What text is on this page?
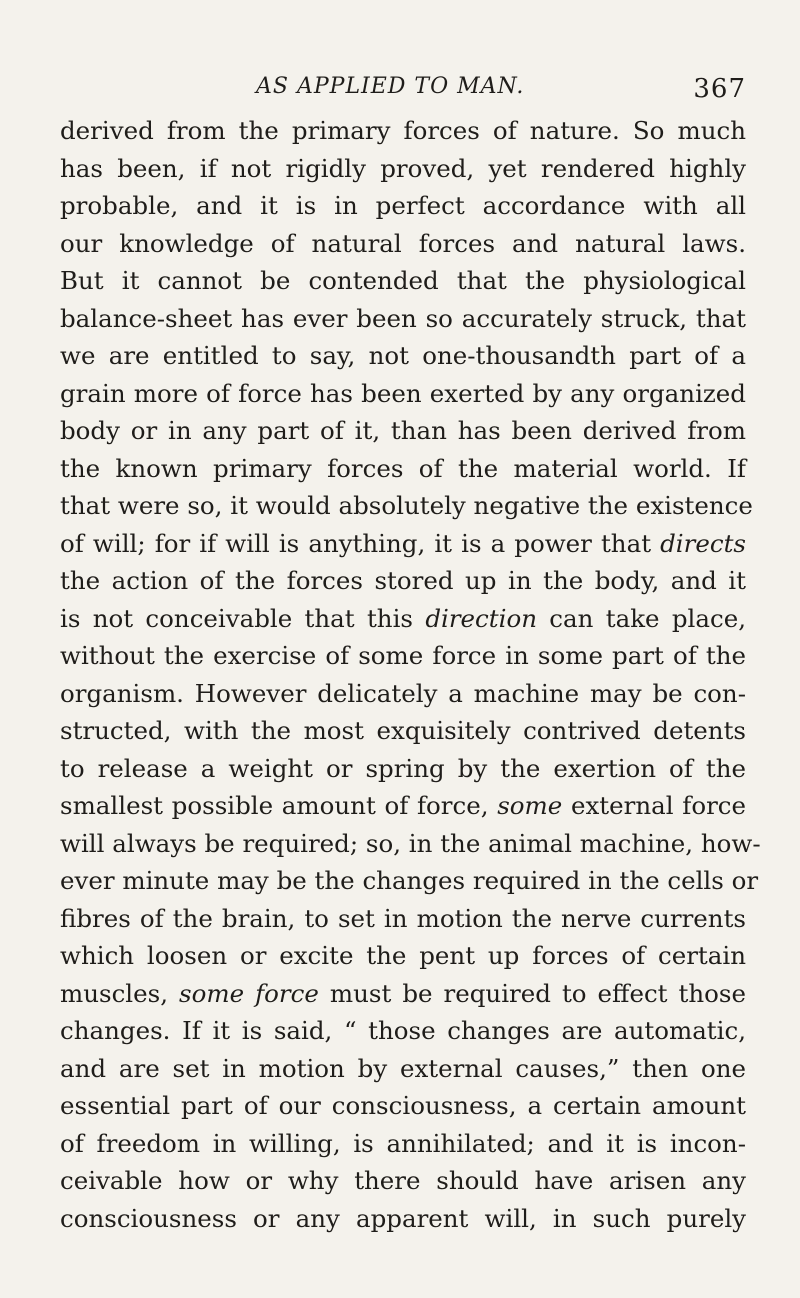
AS APPLIED TO MAN.	367
derived from the primary forces of nature. So much
has been, if not rigidly proved, yet rendered highly
probable, and it is in perfect accordance with all
our knowledge of natural forces and natural laws.
But it cannot be contended that the physiological
balance-sheet has ever been so accurately struck, that
we are entitled to say, not one-thousandth part of a
grain more of force has been exerted by any organized
body or in any part of it, than has been derived from
the known primary forces of the material world. If
that were so, it would absolutely negative the existence
of will; for if will is anything, it is a power that directs
the action of the forces stored up in the body, and it
is not conceivable that this direction can take place,
without the exercise of some force in some part of the
organism. However delicately a machine may be con-
structed, with the most exquisitely contrived detents
to release a weight or spring by the exertion of the
smallest possible amount of force, some external force
will always be required; so, in the animal machine, how-
ever minute may be the changes required in the cells or
fibres of the brain, to set in motion the nerve currents
which loosen or excite the pent up forces of certain
muscles, some force must be required to effect those
changes. If it is said, “ those changes are automatic,
and are set in motion by external causes,” then one
essential part of our consciousness, a certain amount
of freedom in willing, is annihilated; and it is incon-
ceivable how or why there should have arisen any
consciousness or any apparent will, in such purely
